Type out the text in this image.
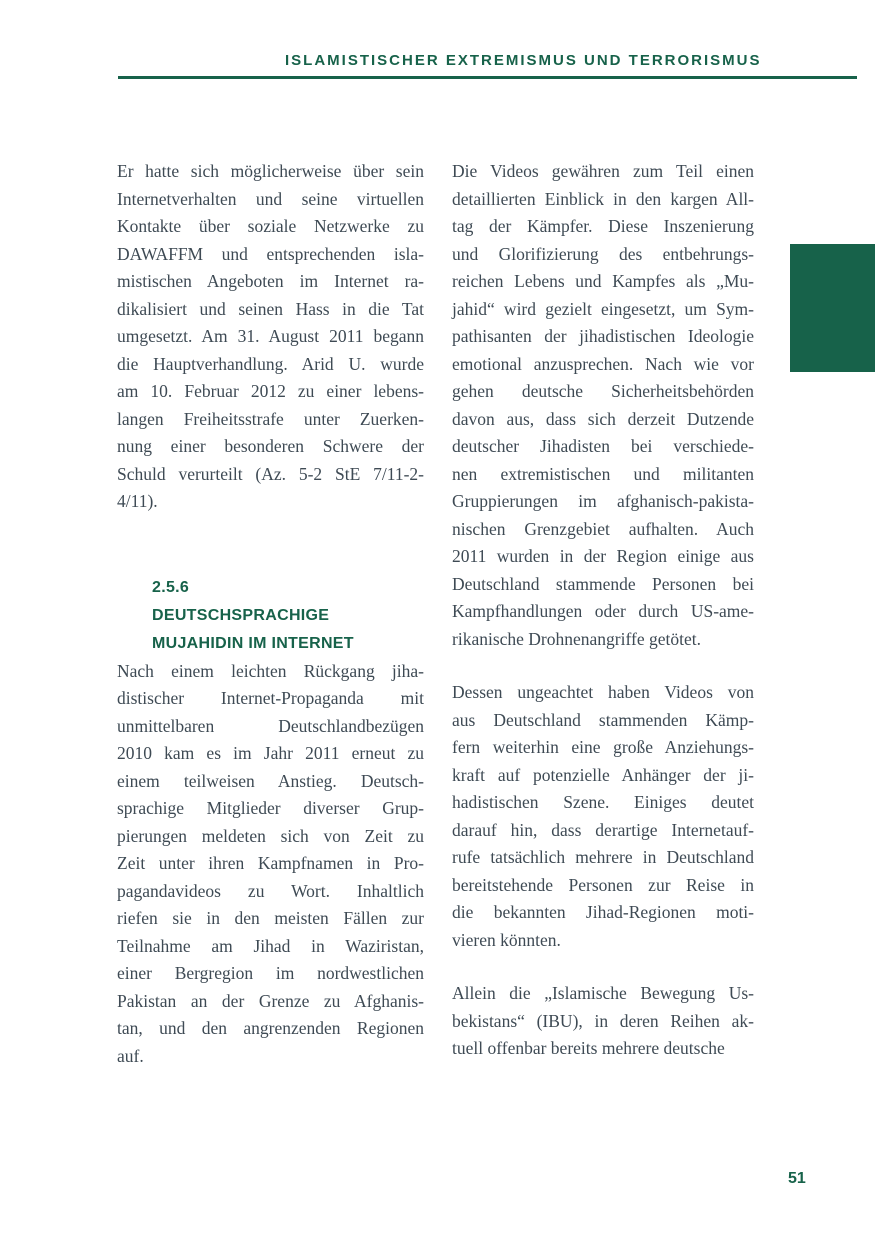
ISLAMISTISCHER EXTREMISMUS UND TERRORISMUS
Er hatte sich möglicherweise über sein
Internetverhalten und seine virtuellen
Kontakte über soziale Netzwerke zu
DAWAFFM und entsprechenden isla-
mistischen Angeboten im Internet ra-
dikalisiert und seinen Hass in die Tat
umgesetzt. Am 31. August 2011 begann
die Hauptverhandlung. Arid U. wurde
am 10. Februar 2012 zu einer lebens-
langen Freiheitsstrafe unter Zuerken-
nung einer besonderen Schwere der
Schuld verurteilt (Az. 5-2 StE 7/11-2-
4/11).
2.5.6
DEUTSCHSPRACHIGE
MUJAHIDIN IM INTERNET
Nach einem leichten Rückgang jiha-
distischer Internet-Propaganda mit
unmittelbaren Deutschlandbezügen
2010 kam es im Jahr 2011 erneut zu
einem teilweisen Anstieg. Deutsch-
sprachige Mitglieder diverser Grup-
pierungen meldeten sich von Zeit zu
Zeit unter ihren Kampfnamen in Pro-
pagandavideos zu Wort. Inhaltlich
riefen sie in den meisten Fällen zur
Teilnahme am Jihad in Waziristan,
einer Bergregion im nordwestlichen
Pakistan an der Grenze zu Afghanis-
tan, und den angrenzenden Regionen
auf.
Die Videos gewähren zum Teil einen
detaillierten Einblick in den kargen All-
tag der Kämpfer. Diese Inszenierung
und Glorifizierung des entbehrungs-
reichen Lebens und Kampfes als „Mu-
jahid“ wird gezielt eingesetzt, um Sym-
pathisanten der jihadistischen Ideologie
emotional anzusprechen. Nach wie vor
gehen deutsche Sicherheitsbehörden
davon aus, dass sich derzeit Dutzende
deutscher Jihadisten bei verschiede-
nen extremistischen und militanten
Gruppierungen im afghanisch-pakista-
nischen Grenzgebiet aufhalten. Auch
2011 wurden in der Region einige aus
Deutschland stammende Personen bei
Kampfhandlungen oder durch US-ame-
rikanische Drohnenangriffe getötet.
Dessen ungeachtet haben Videos von
aus Deutschland stammenden Kämp-
fern weiterhin eine große Anziehungs-
kraft auf potenzielle Anhänger der ji-
hadistischen Szene. Einiges deutet
darauf hin, dass derartige Internetauf-
rufe tatsächlich mehrere in Deutschland
bereitstehende Personen zur Reise in
die bekannten Jihad-Regionen moti-
vieren könnten.
Allein die „Islamische Bewegung Us-
bekistans“ (IBU), in deren Reihen ak-
tuell offenbar bereits mehrere deutsche
51
